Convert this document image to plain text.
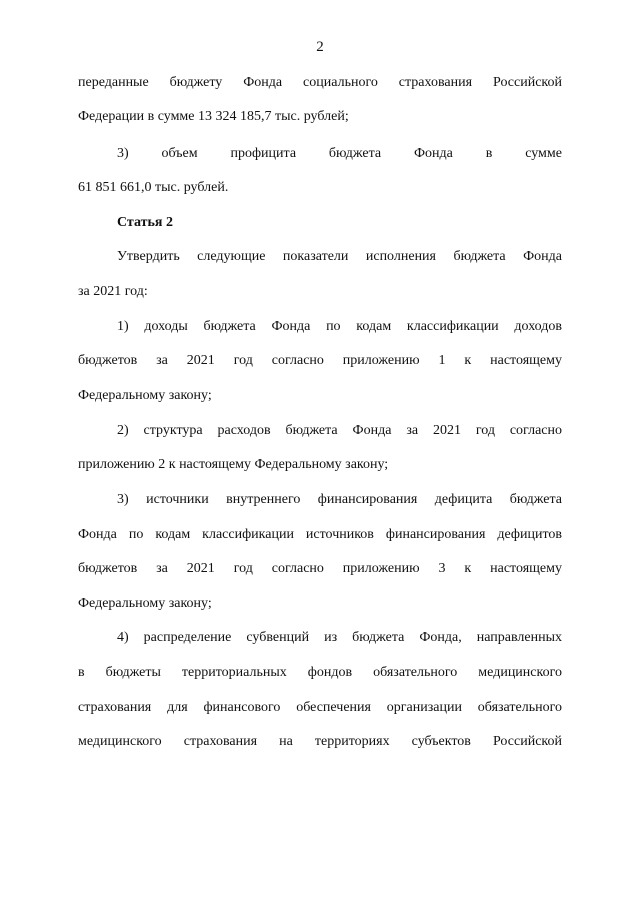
2
переданные бюджету Фонда социального страхования Российской
Федерации в сумме 13 324 185,7 тыс. рублей;
3) объем профицита бюджета Фонда в сумме
61 851 661,0 тыс. рублей.
Статья 2
Утвердить следующие показатели исполнения бюджета Фонда
за 2021 год:
1) доходы бюджета Фонда по кодам классификации доходов
бюджетов за 2021 год согласно приложению 1 к настоящему
Федеральному закону;
2) структура расходов бюджета Фонда за 2021 год согласно
приложению 2 к настоящему Федеральному закону;
3) источники внутреннего финансирования дефицита бюджета
Фонда по кодам классификации источников финансирования дефицитов
бюджетов за 2021 год согласно приложению 3 к настоящему
Федеральному закону;
4) распределение субвенций из бюджета Фонда, направленных
в бюджеты территориальных фондов обязательного медицинского
страхования для финансового обеспечения организации обязательного
медицинского страхования на территориях субъектов Российской
